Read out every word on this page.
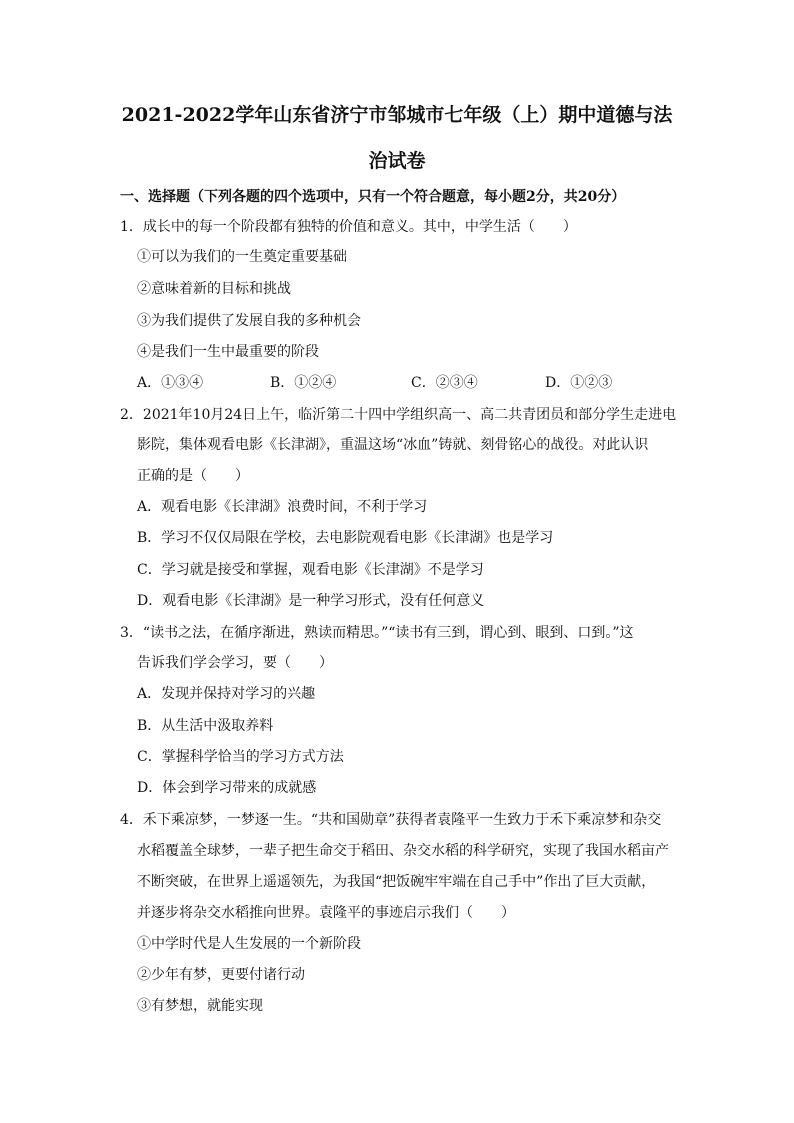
2021-2022学年山东省济宁市邹城市七年级（上）期中道德与法
治试卷
一、选择题（下列各题的四个选项中，只有一个符合题意，每小题2分，共20分）
1．成长中的每一个阶段都有独特的价值和意义。其中，中学生活（　　）
①可以为我们的一生奠定重要基础
②意味着新的目标和挑战
③为我们提供了发展自我的多种机会
④是我们一生中最重要的阶段
A．①③④	B．①②④	C．②③④	D．①②③
2．2021年10月24日上午，临沂第二十四中学组织高一、高二共青团员和部分学生走进电
影院，集体观看电影《长津湖》，重温这场“冰血”铸就、刻骨铭心的战役。对此认识
正确的是（　　）
A．观看电影《长津湖》浪费时间，不利于学习
B．学习不仅仅局限在学校，去电影院观看电影《长津湖》也是学习
C．学习就是接受和掌握，观看电影《长津湖》不是学习
D．观看电影《长津湖》是一种学习形式，没有任何意义
3．“读书之法，在循序渐进，熟读而精思。”“读书有三到，谓心到、眼到、口到。”这
告诉我们学会学习，要（　　）
A．发现并保持对学习的兴趣
B．从生活中汲取养料
C．掌握科学恰当的学习方式方法
D．体会到学习带来的成就感
4．禾下乘凉梦，一梦逐一生。“共和国勋章”获得者袁隆平一生致力于禾下乘凉梦和杂交
水稻覆盖全球梦，一辈子把生命交于稻田、杂交水稻的科学研究，实现了我国水稻亩产
不断突破，在世界上遥遥领先，为我国“把饭碗牢牢端在自己手中”作出了巨大贡献，
并逐步将杂交水稻推向世界。袁隆平的事迹启示我们（　　）
①中学时代是人生发展的一个新阶段
②少年有梦，更要付诸行动
③有梦想，就能实现
